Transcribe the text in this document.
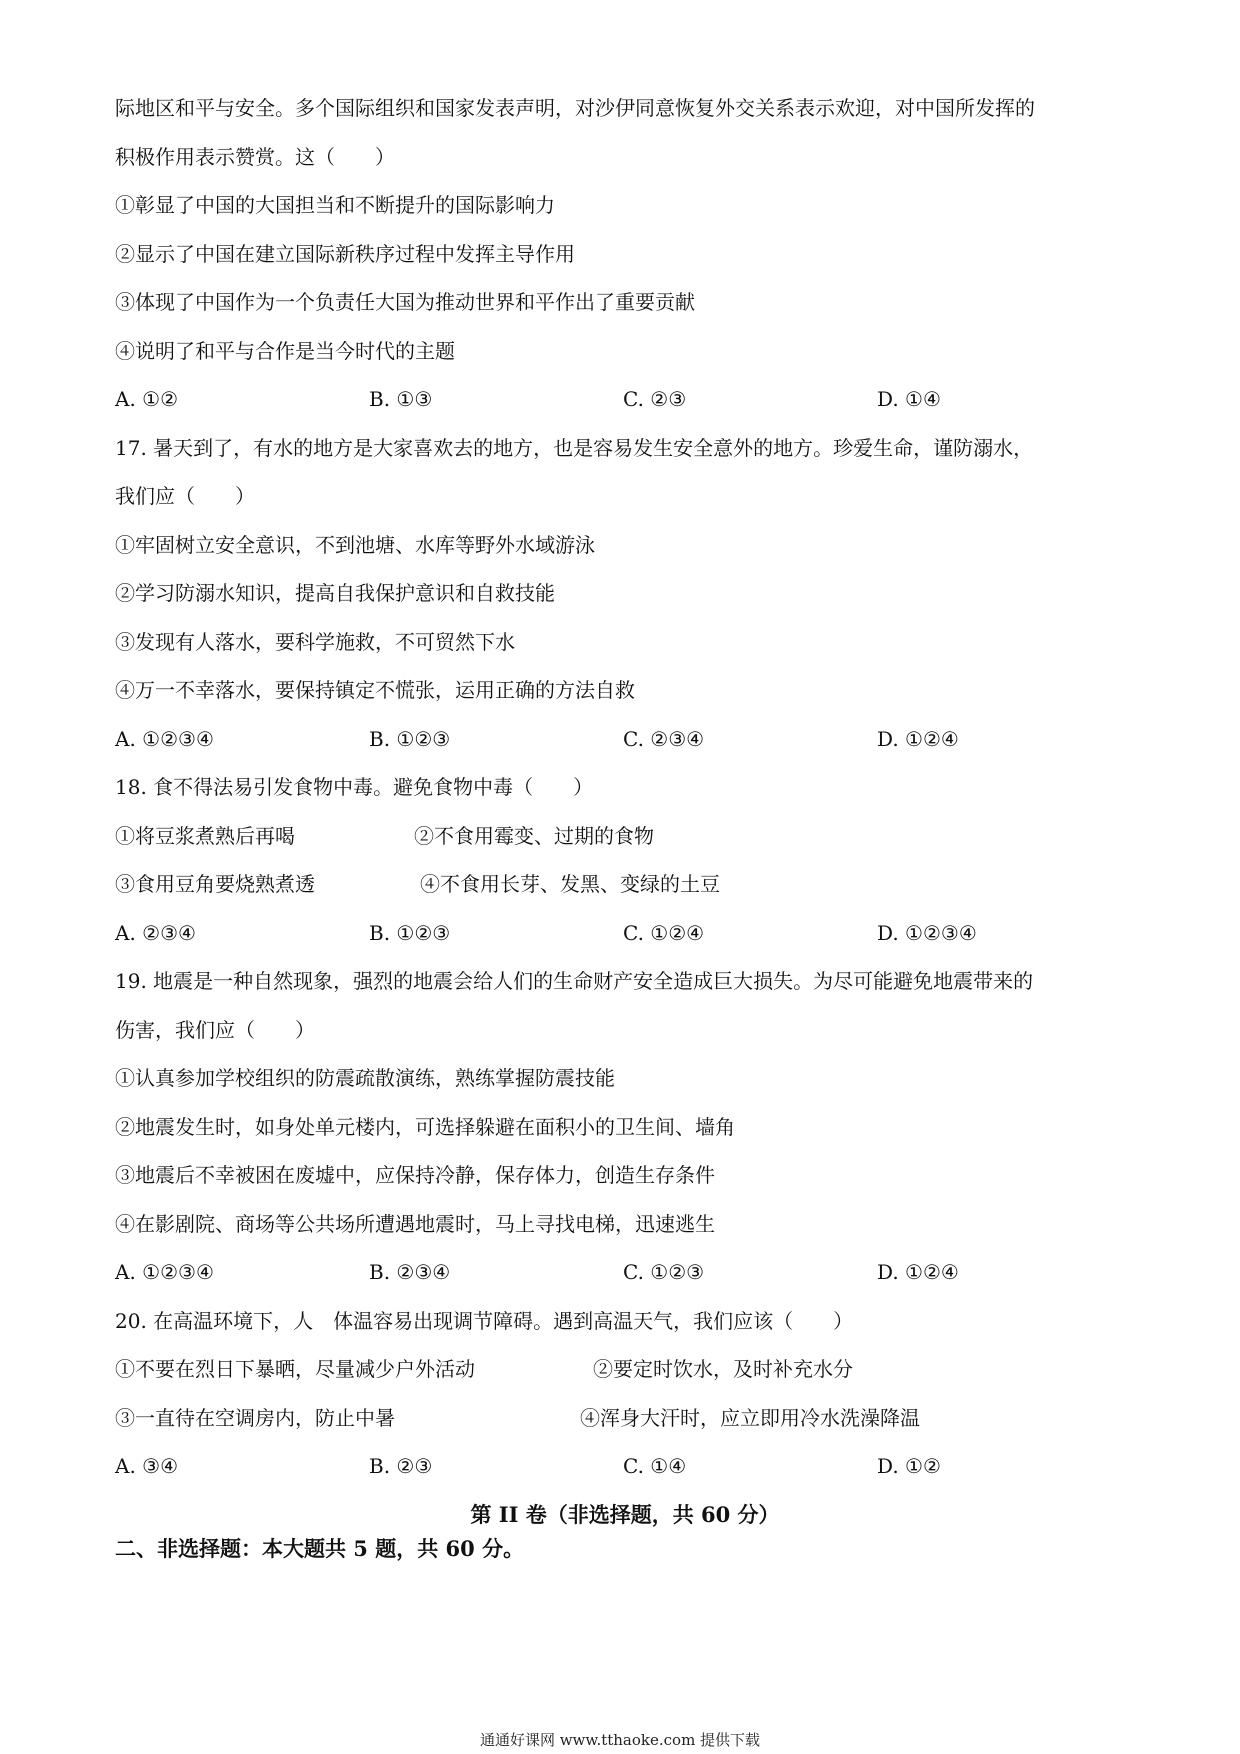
际地区和平与安全。多个国际组织和国家发表声明，对沙伊同意恢复外交关系表示欢迎，对中国所发挥的
积极作用表示赞赏。这（　　）
①彰显了中国的大国担当和不断提升的国际影响力
②显示了中国在建立国际新秩序过程中发挥主导作用
③体现了中国作为一个负责任大国为推动世界和平作出了重要贡献
④说明了和平与合作是当今时代的主题
A. ①②	B. ①③	C. ②③	D. ①④
17. 暑天到了，有水的地方是大家喜欢去的地方，也是容易发生安全意外的地方。珍爱生命，谨防溺水，
我们应（　　）
①牢固树立安全意识，不到池塘、水库等野外水域游泳
②学习防溺水知识，提高自我保护意识和自救技能
③发现有人落水，要科学施救，不可贸然下水
④万一不幸落水，要保持镇定不慌张，运用正确的方法自救
A. ①②③④	B. ①②③	C. ②③④	D. ①②④
18. 食不得法易引发食物中毒。避免食物中毒（　　）
①将豆浆煮熟后再喝	②不食用霉变、过期的食物
③食用豆角要烧熟煮透	④不食用长芽、发黑、变绿的土豆
A. ②③④	B. ①②③	C. ①②④	D. ①②③④
19. 地震是一种自然现象，强烈的地震会给人们的生命财产安全造成巨大损失。为尽可能避免地震带来的
伤害，我们应（　　）
①认真参加学校组织的防震疏散演练，熟练掌握防震技能
②地震发生时，如身处单元楼内，可选择躲避在面积小的卫生间、墙角
③地震后不幸被困在废墟中，应保持冷静，保存体力，创造生存条件
④在影剧院、商场等公共场所遭遇地震时，马上寻找电梯，迅速逃生
A. ①②③④	B. ②③④	C. ①②③	D. ①②④
20. 在高温环境下，人　体温容易出现调节障碍。遇到高温天气，我们应该（　　）
①不要在烈日下暴晒，尽量减少户外活动	②要定时饮水，及时补充水分
③一直待在空调房内，防止中暑	④浑身大汗时，应立即用冷水洗澡降温
A. ③④	B. ②③	C. ①④	D. ①②
第 II 卷（非选择题，共 60 分）
二、非选择题：本大题共 5 题，共 60 分。
通通好课网 www.tthaoke.com 提供下载
